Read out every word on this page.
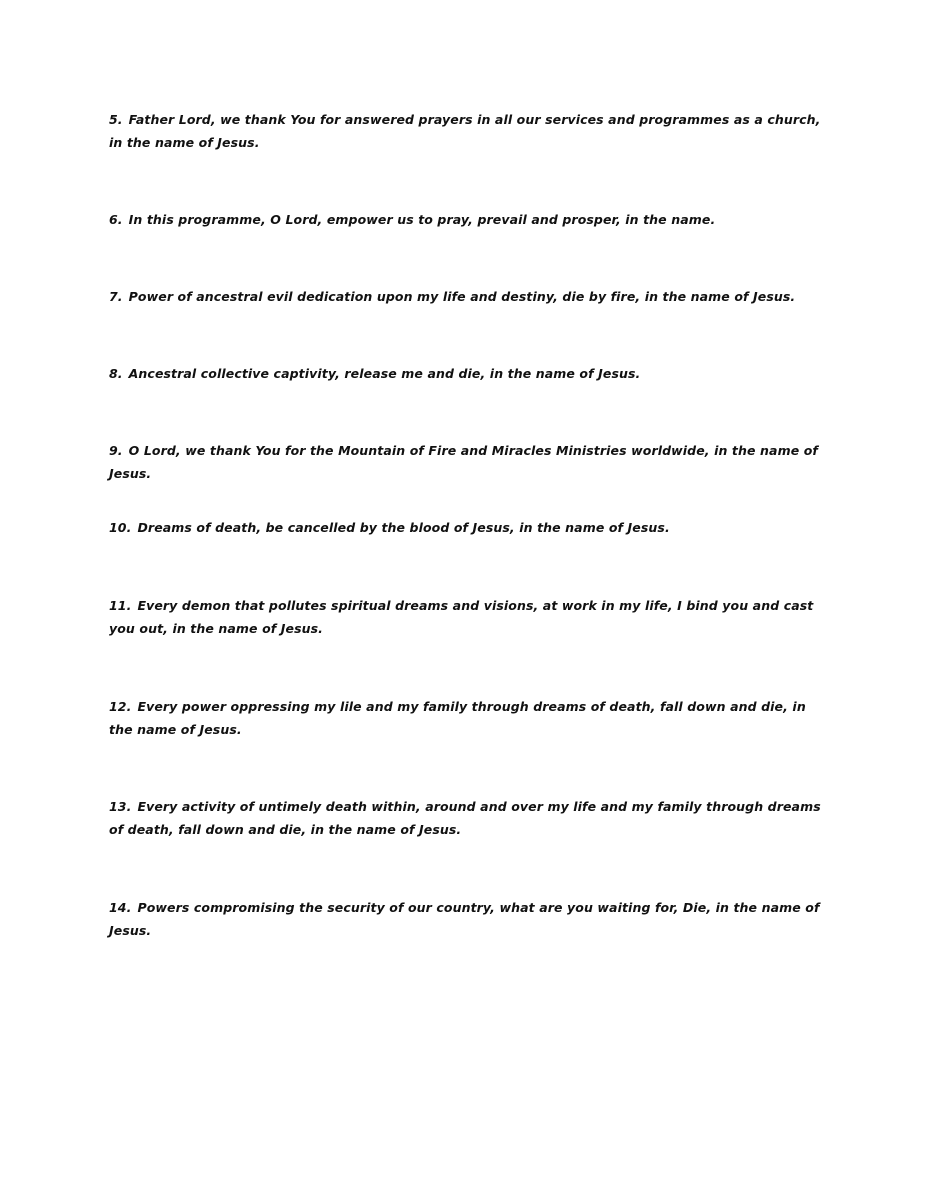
5. Father Lord, we thank You for answered prayers in all our services and programmes as a church, in the name of Jesus.

6. In this programme, O Lord, empower us to pray, prevail and prosper, in the name.

7. Power of ancestral evil dedication upon my life and destiny, die by fire, in the name of Jesus.

8. Ancestral collective captivity, release me and die, in the name of Jesus.

9. O Lord, we thank You for the Mountain of Fire and Miracles Ministries worldwide, in the name of Jesus.

10. Dreams of death, be cancelled by the blood of Jesus, in the name of Jesus.

11. Every demon that pollutes spiritual dreams and visions, at work in my life, I bind you and cast you out, in the name of Jesus.

12. Every power oppressing my lile and my family through dreams of death, fall down and die, in the name of Jesus.

13. Every activity of untimely death within, around and over my life and my family through dreams of death, fall down and die, in the name of Jesus.

14. Powers compromising the security of our country, what are you waiting for, Die, in the name of Jesus.
